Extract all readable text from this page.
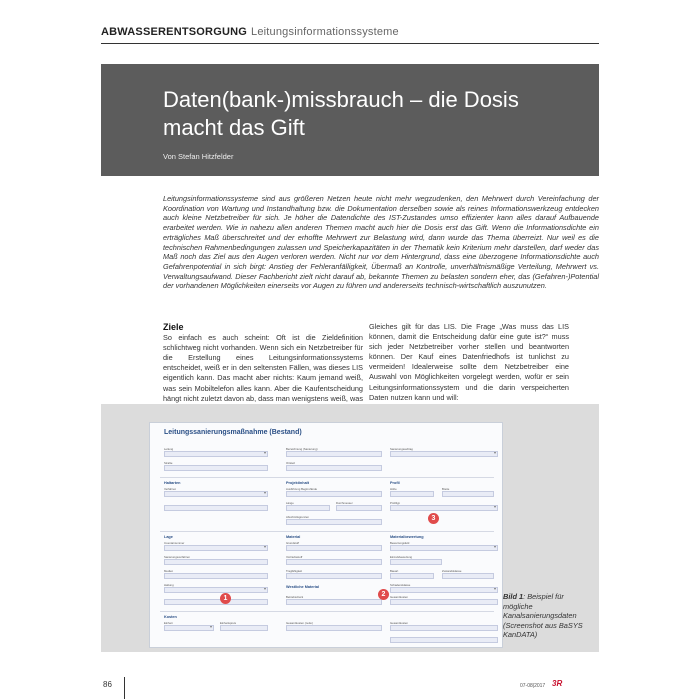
ABWASSERENTSORGUNG Leitungsinformationssysteme
Daten(bank-)missbrauch – die Dosis
macht das Gift
Von Stefan Hitzfelder
Leitungsinformationssysteme sind aus größeren Netzen heute nicht mehr wegzudenken, den Mehrwert durch Vereinfachung der Koordination von Wartung und Instandhaltung bzw. die Dokumentation derselben sowie als reines Informationswerkzeug entdecken auch kleine Netzbetreiber für sich. Je höher die Datendichte des IST-Zustandes umso effizienter kann alles darauf Aufbauende erarbeitet werden. Wie in nahezu allen anderen Themen macht auch hier die Dosis erst das Gift. Wenn die Informationsdichte ein erträgliches Maß überschreitet und der erhoffte Mehrwert zur Belastung wird, dann wurde das Thema überreizt. Nur weil es die technischen Rahmenbedingungen zulassen und Speicherkapazitäten in der Thematik kein Kriterium mehr darstellen, darf weder das Maß noch das Ziel aus den Augen verloren werden. Nicht nur vor dem Hintergrund, dass eine überzogene Informationsdichte auch Gefahrenpotential in sich birgt: Anstieg der Fehleranfälligkeit, Übermaß an Kontrolle, unverhältnismäßige Verteilung, Mehrwert vs. Verwaltungsaufwand. Dieser Fachbericht zielt nicht darauf ab, bekannte Themen zu belasten sondern eher, das (Gefahren-)Potential der vorhandenen Möglichkeiten einerseits vor Augen zu führen und andererseits technisch-wirtschaftlich auszunutzen.
Ziele

So einfach es auch scheint: Oft ist die Zieldefinition schlichtweg nicht vorhanden. Wenn sich ein Netzbetreiber für die Erstellung eines Leitungsinformationssystems entscheidet, weiß er in den seltensten Fällen, was dieses LIS eigentlich kann. Das macht aber nichts: Kaum jemand weiß, was sein Mobiltelefon alles kann. Aber die Kaufentscheidung hängt nicht zuletzt davon ab, dass man wenigstens weiß, was

Gleiches gilt für das LIS. Die Frage „Was muss das LIS können, damit die Entscheidung dafür eine gute ist?“ muss sich jeder Netzbetreiber vorher stellen und beantworten können. Der Kauf eines Datenfriedhofs ist tunlichst zu vermeiden! Idealerweise sollte dem Netzbetreiber eine Auswahl von Möglichkeiten vorgelegt werden, wofür er sein Leitungsinformationssystem und die darin verspeicherten Daten nutzen kann und will:

Leitungssanierungsmaßnahme (Bestand)
Leitung
▾	Bezeichnung (Sanierung)	Sanierungsauftrag
▾
Straße	Ortsteil
Haltarten	Projektinhalt	Profil
Verfahren
▾	Ausführung Beginn/Ende	Höhe	Breite
Länge	Durchmesser	Profiltyp
▾
Abschnittsgrenzen	3
Lage	Material	Materialbewertung
Inventarnummer
▾	Grundstoff	Bewertungsfeld
▾
Sanierungsverfahren	Vortriebsstoff	Einzelsbewertung
Medien	Tragfähigkeit	Bauart	Zustandsklasse
Haltung
▾	Westliche Material	Schadensklasse
▾
1	Betriebsdruck	2	Gesamtkosten
Kosten
Einheit
▾	Einheitspreis	Gesamtkosten (netto)	Gesamtkosten
Bild 1: Beispiel für mögliche Kanalsanierungsdaten (Screenshot aus BaSYS KanDATA)
86	07-08|2017 3R
